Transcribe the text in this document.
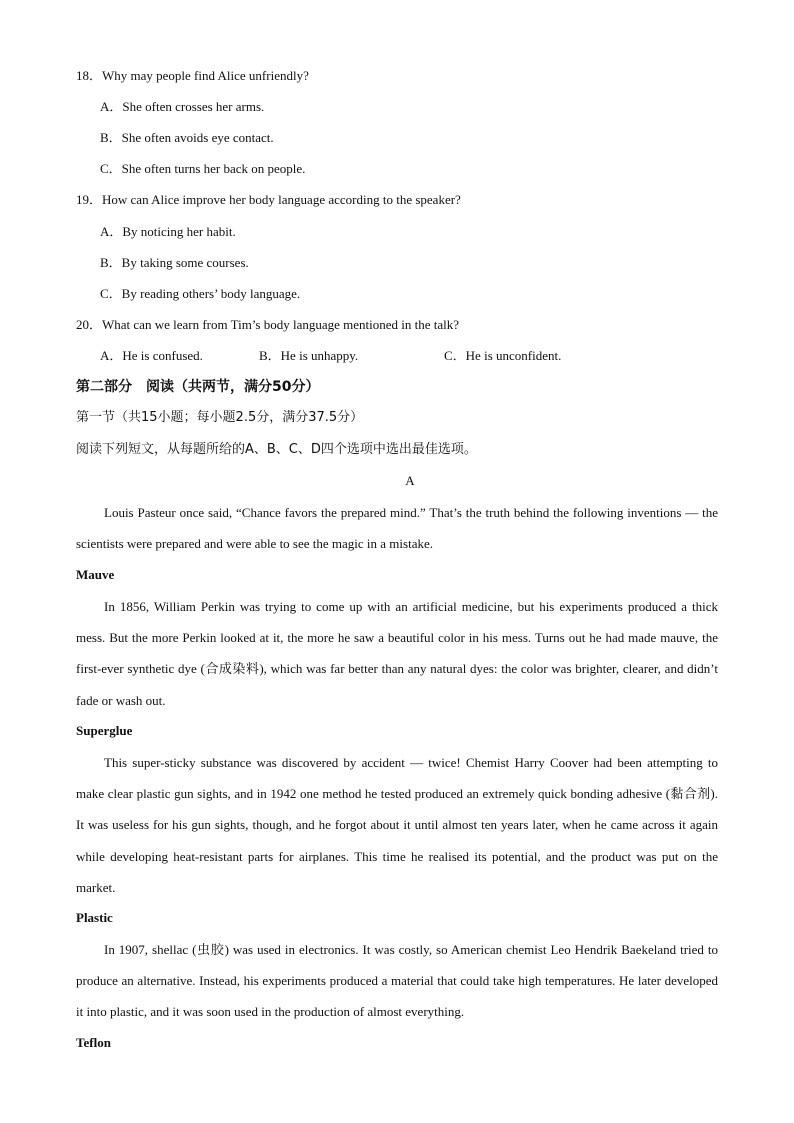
18．Why may people find Alice unfriendly?
A．She often crosses her arms.
B．She often avoids eye contact.
C．She often turns her back on people.
19．How can Alice improve her body language according to the speaker?
A．By noticing her habit.
B．By taking some courses.
C．By reading others’ body language.
20．What can we learn from Tim’s body language mentioned in the talk?
A．He is confused.	B．He is unhappy.	C．He is unconfident.
第二部分　阅读（共两节，满分50分）
第一节（共15小题；每小题2.5分，满分37.5分）
阅读下列短文，从每题所给的A、B、C、D四个选项中选出最佳选项。
A
Louis Pasteur once said, “Chance favors the prepared mind.” That’s the truth behind the following inventions — the scientists were prepared and were able to see the magic in a mistake.
Mauve
In 1856, William Perkin was trying to come up with an artificial medicine, but his experiments produced a thick mess. But the more Perkin looked at it, the more he saw a beautiful color in his mess. Turns out he had made mauve, the first-ever synthetic dye (合成染料), which was far better than any natural dyes: the color was brighter, clearer, and didn’t fade or wash out.
Superglue
This super-sticky substance was discovered by accident — twice! Chemist Harry Coover had been attempting to make clear plastic gun sights, and in 1942 one method he tested produced an extremely quick bonding adhesive (黏合剂). It was useless for his gun sights, though, and he forgot about it until almost ten years later, when he came across it again while developing heat-resistant parts for airplanes. This time he realised its potential, and the product was put on the market.
Plastic
In 1907, shellac (虫胶) was used in electronics. It was costly, so American chemist Leo Hendrik Baekeland tried to produce an alternative. Instead, his experiments produced a material that could take high temperatures. He later developed it into plastic, and it was soon used in the production of almost everything.
Teflon
